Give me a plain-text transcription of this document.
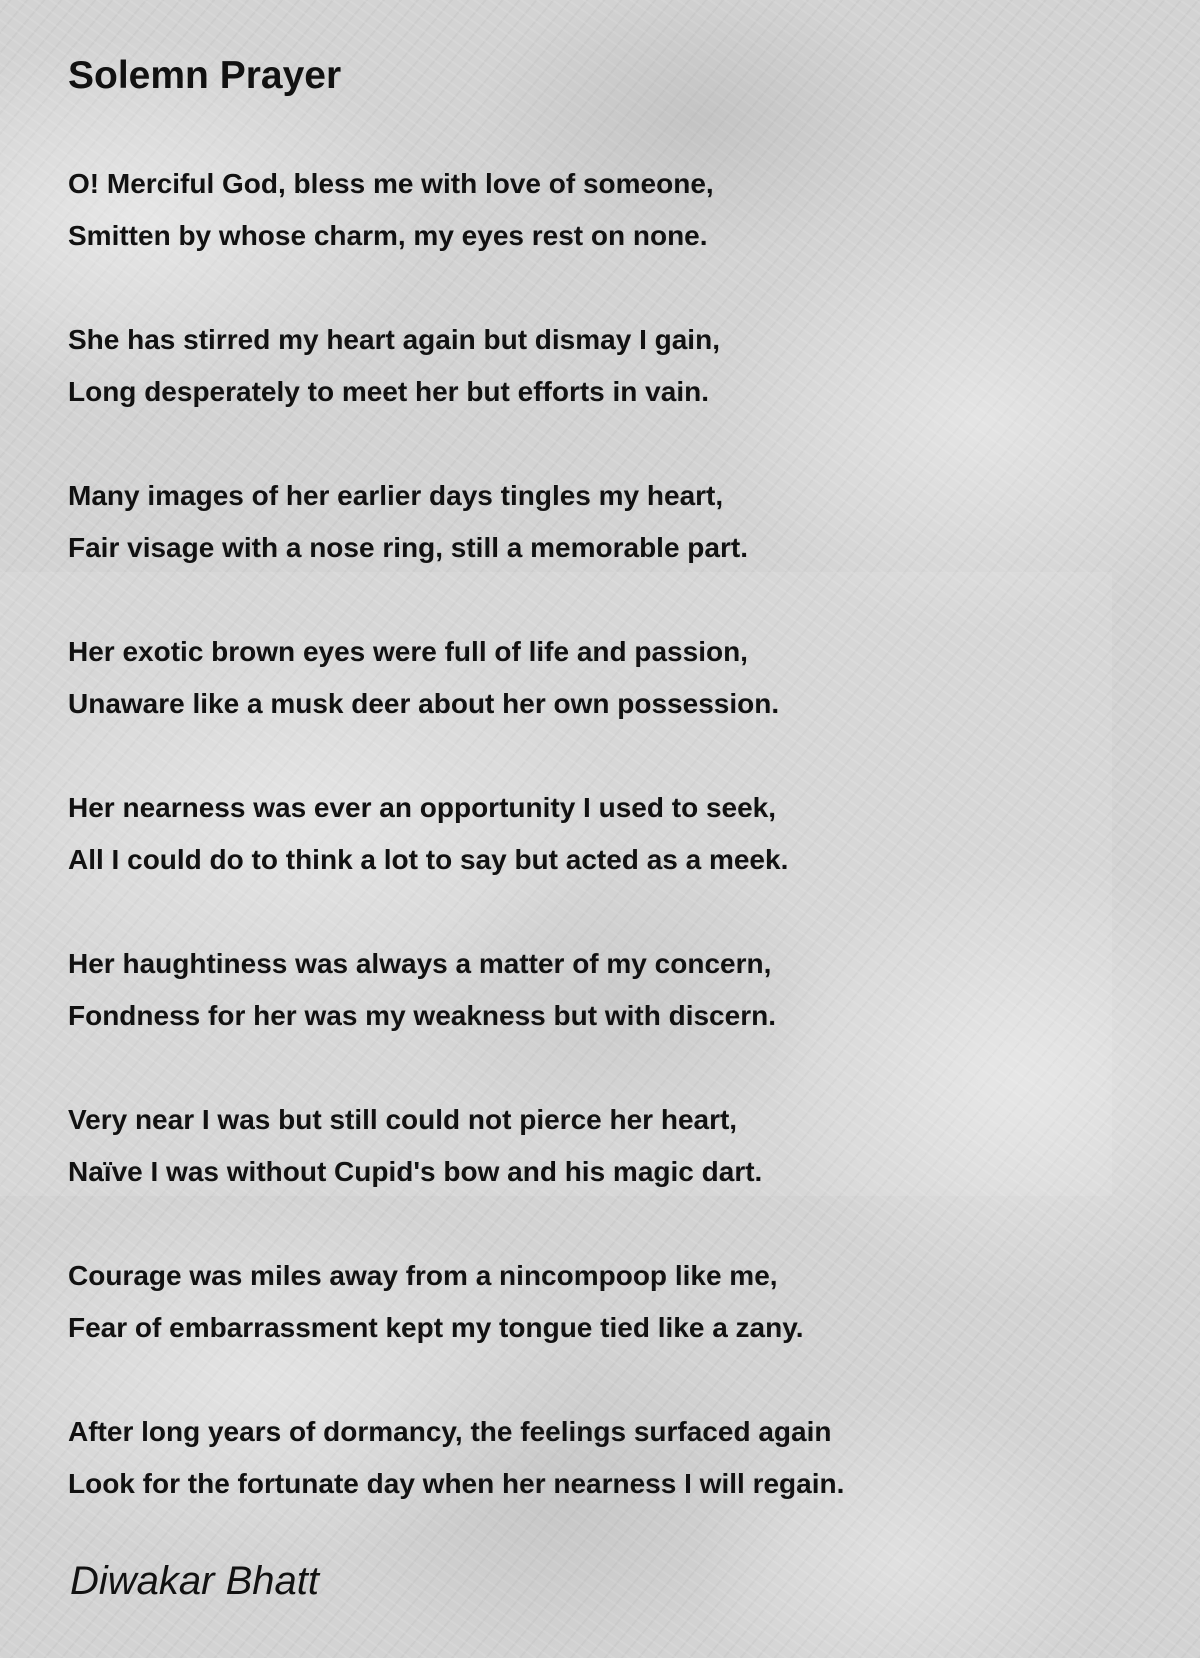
Solemn Prayer

O! Merciful God, bless me with love of someone,
Smitten by whose charm, my eyes rest on none.

She has stirred my heart again but dismay I gain,
Long desperately to meet her but efforts in vain.

Many images of her earlier days tingles my heart,
Fair visage with a nose ring, still a memorable part.

Her exotic brown eyes were full of life and passion,
Unaware like a musk deer about her own possession.

Her nearness was ever an opportunity I used to seek,
All I could do to think a lot to say but acted as a meek.

Her haughtiness was always a matter of my concern,
Fondness for her was my weakness but with discern.

Very near I was but still could not pierce her heart,
Naïve I was without Cupid's bow and his magic dart.

Courage was miles away from a nincompoop like me,
Fear of embarrassment kept my tongue tied like a zany.

After long years of dormancy, the feelings surfaced again
Look for the fortunate day when her nearness I will regain.

Diwakar Bhatt
